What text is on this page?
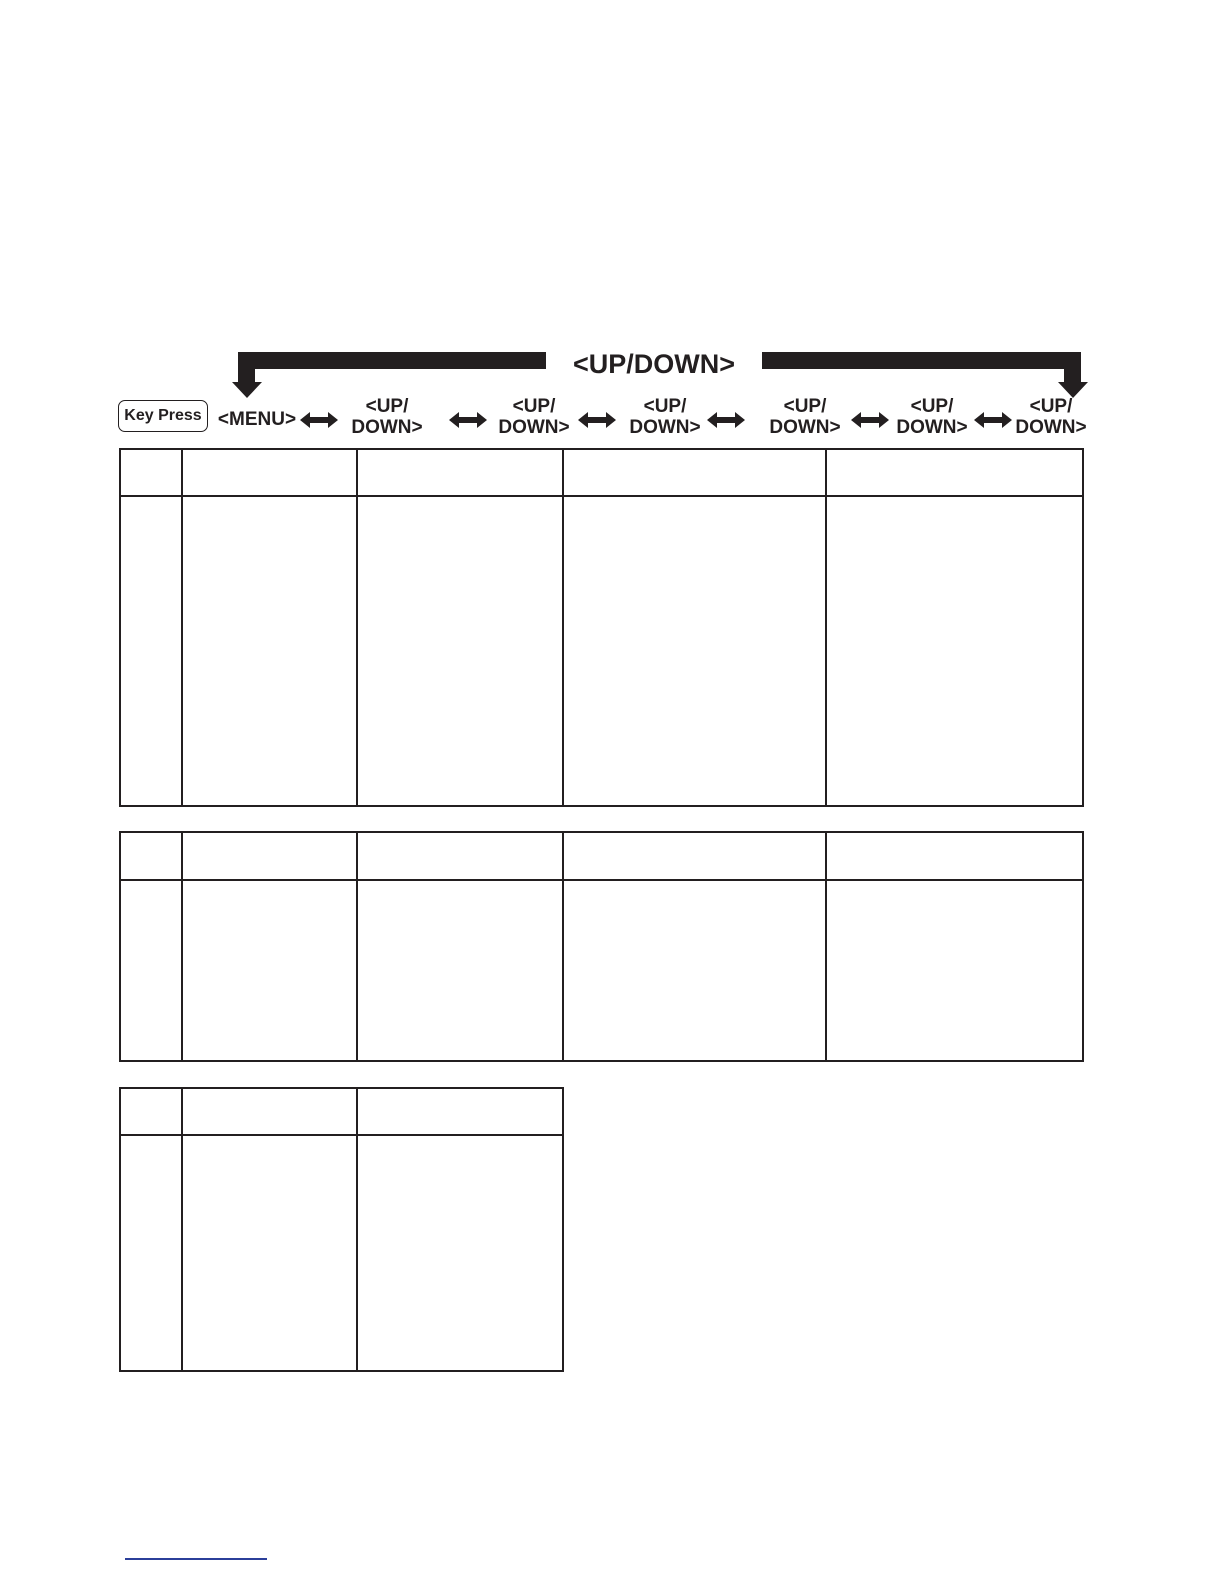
<UP/DOWN>
Key Press <MENU>
<UP/
DOWN>
<UP/
DOWN>
<UP/
DOWN>
<UP/
DOWN>
<UP/
DOWN>
<UP/
DOWN>
